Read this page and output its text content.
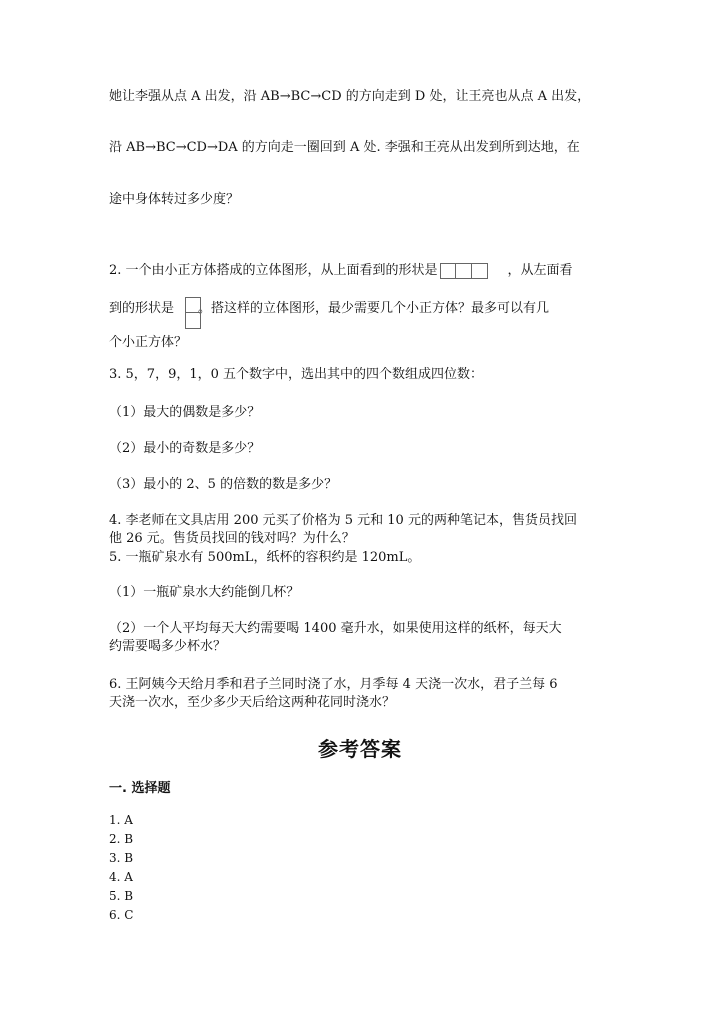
她让李强从点 A 出发，沿 AB→BC→CD 的方向走到 D 处，让王亮也从点 A 出发，
沿 AB→BC→CD→DA 的方向走一圈回到 A 处. 李强和王亮从出发到所到达地，在
途中身体转过多少度？
2. 一个由小正方体搭成的立体图形，从上面看到的形状是	，从左面看
到的形状是 。搭这样的立体图形，最少需要几个小正方体？最多可以有几
个小正方体？
3. 5，7，9，1，0 五个数字中，选出其中的四个数组成四位数：
（1）最大的偶数是多少？
（2）最小的奇数是多少？
（3）最小的 2、5 的倍数的数是多少？
4. 李老师在文具店用 200 元买了价格为 5 元和 10 元的两种笔记本，售货员找回
他 26 元。售货员找回的钱对吗？为什么？
5. 一瓶矿泉水有 500mL，纸杯的容积约是 120mL。
（1）一瓶矿泉水大约能倒几杯？
（2）一个人平均每天大约需要喝 1400 毫升水，如果使用这样的纸杯，每天大
约需要喝多少杯水？
6. 王阿姨今天给月季和君子兰同时浇了水，月季每 4 天浇一次水，君子兰每 6
天浇一次水，至少多少天后给这两种花同时浇水？
参考答案
一. 选择题
1. A
2. B
3. B
4. A
5. B
6. C
